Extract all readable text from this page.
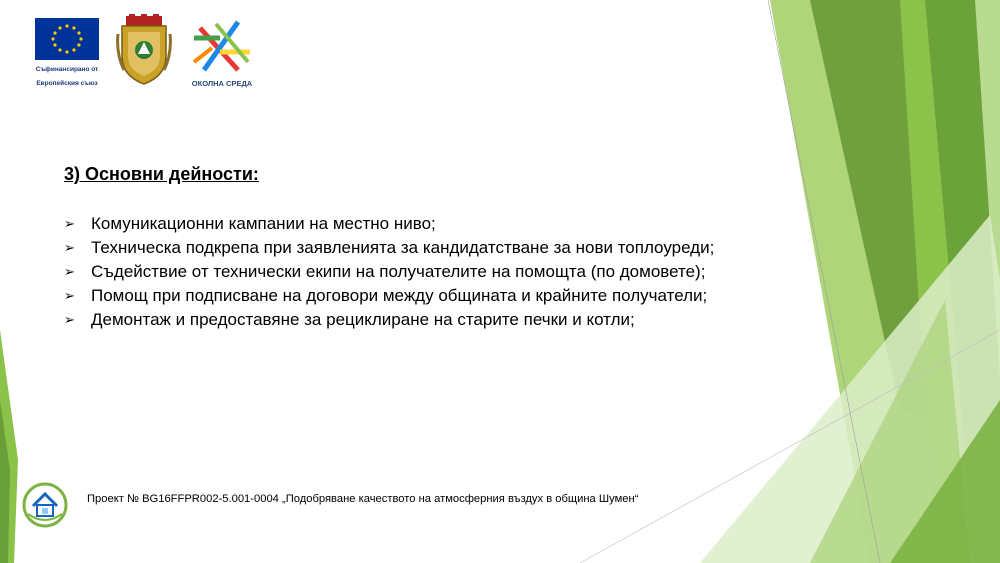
Съфинансирано от
Европейския съюз	ОКОЛНА СРЕДА
3) Основни дейности:
➢ Комуникационни кампании на местно ниво;
➢ Техническа подкрепа при заявленията за кандидатстване за нови топлоуреди;
➢ Съдействие от технически екипи на получателите на помощта (по домовете);
➢ Помощ при подписване на договори между общината и крайните получатели;
➢ Демонтаж и предоставяне за рециклиране на старите печки и котли;
Проект № BG16FFPR002-5.001-0004 „Подобряване качеството на атмосферния въздух в община Шумен“
